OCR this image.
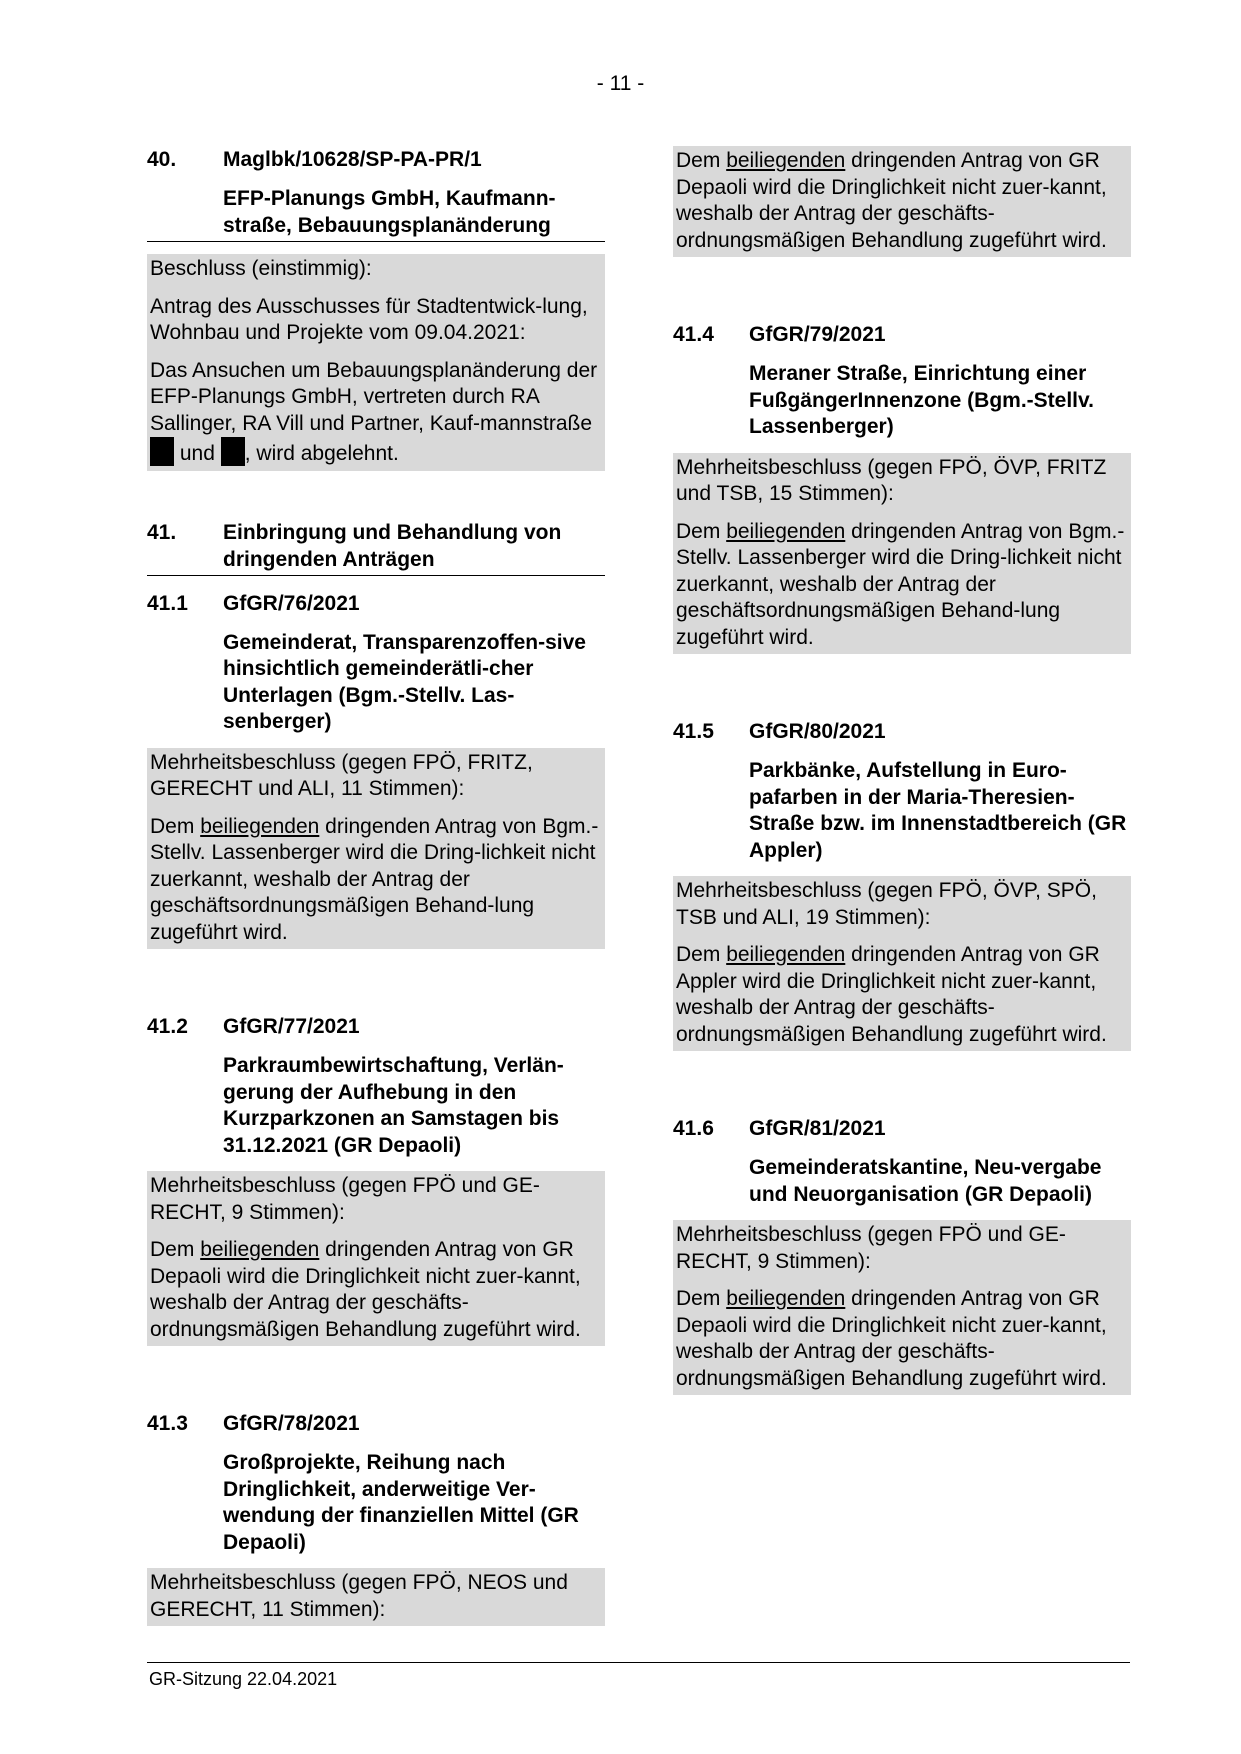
- 11 -
40.	Maglbk/10628/SP-PA-PR/1
EFP-Planungs GmbH, Kaufmann-straße, Bebauungsplanänderung

Beschluss (einstimmig):

Antrag des Ausschusses für Stadtentwick-lung, Wohnbau und Projekte vom 09.04.2021:

Das Ansuchen um Bebauungsplanänderung der EFP-Planungs GmbH, vertreten durch RA Sallinger, RA Vill und Partner, Kauf-mannstraße  und , wird abgelehnt.

41.	Einbringung und Behandlung von dringenden Anträgen
41.1	GfGR/76/2021
Gemeinderat, Transparenzoffen-sive hinsichtlich gemeinderätli-cher Unterlagen (Bgm.-Stellv. Las-senberger)

Mehrheitsbeschluss (gegen FPÖ, FRITZ, GERECHT und ALI, 11 Stimmen):

Dem beiliegenden dringenden Antrag von Bgm.-Stellv. Lassenberger wird die Dring-lichkeit nicht zuerkannt, weshalb der Antrag der geschäftsordnungsmäßigen Behand-lung zugeführt wird.

41.2	GfGR/77/2021
Parkraumbewirtschaftung, Verlän-gerung der Aufhebung in den Kurzparkzonen an Samstagen bis 31.12.2021 (GR Depaoli)

Mehrheitsbeschluss (gegen FPÖ und GE-RECHT, 9 Stimmen):

Dem beiliegenden dringenden Antrag von GR Depaoli wird die Dringlichkeit nicht zuer-kannt, weshalb der Antrag der geschäfts-ordnungsmäßigen Behandlung zugeführt wird.

41.3	GfGR/78/2021
Großprojekte, Reihung nach Dringlichkeit, anderweitige Ver-wendung der finanziellen Mittel (GR Depaoli)

Mehrheitsbeschluss (gegen FPÖ, NEOS und GERECHT, 11 Stimmen):

Dem beiliegenden dringenden Antrag von GR Depaoli wird die Dringlichkeit nicht zuer-kannt, weshalb der Antrag der geschäfts-ordnungsmäßigen Behandlung zugeführt wird.

41.4	GfGR/79/2021
Meraner Straße, Einrichtung einer FußgängerInnenzone (Bgm.-Stellv. Lassenberger)

Mehrheitsbeschluss (gegen FPÖ, ÖVP, FRITZ und TSB, 15 Stimmen):

Dem beiliegenden dringenden Antrag von Bgm.-Stellv. Lassenberger wird die Dring-lichkeit nicht zuerkannt, weshalb der Antrag der geschäftsordnungsmäßigen Behand-lung zugeführt wird.

41.5	GfGR/80/2021
Parkbänke, Aufstellung in Euro-pafarben in der Maria-Theresien-Straße bzw. im Innenstadtbereich (GR Appler)

Mehrheitsbeschluss (gegen FPÖ, ÖVP, SPÖ, TSB und ALI, 19 Stimmen):

Dem beiliegenden dringenden Antrag von GR Appler wird die Dringlichkeit nicht zuer-kannt, weshalb der Antrag der geschäfts-ordnungsmäßigen Behandlung zugeführt wird.

41.6	GfGR/81/2021
Gemeinderatskantine, Neu-vergabe und Neuorganisation (GR Depaoli)

Mehrheitsbeschluss (gegen FPÖ und GE-RECHT, 9 Stimmen):

Dem beiliegenden dringenden Antrag von GR Depaoli wird die Dringlichkeit nicht zuer-kannt, weshalb der Antrag der geschäfts-ordnungsmäßigen Behandlung zugeführt wird.

GR-Sitzung 22.04.2021
